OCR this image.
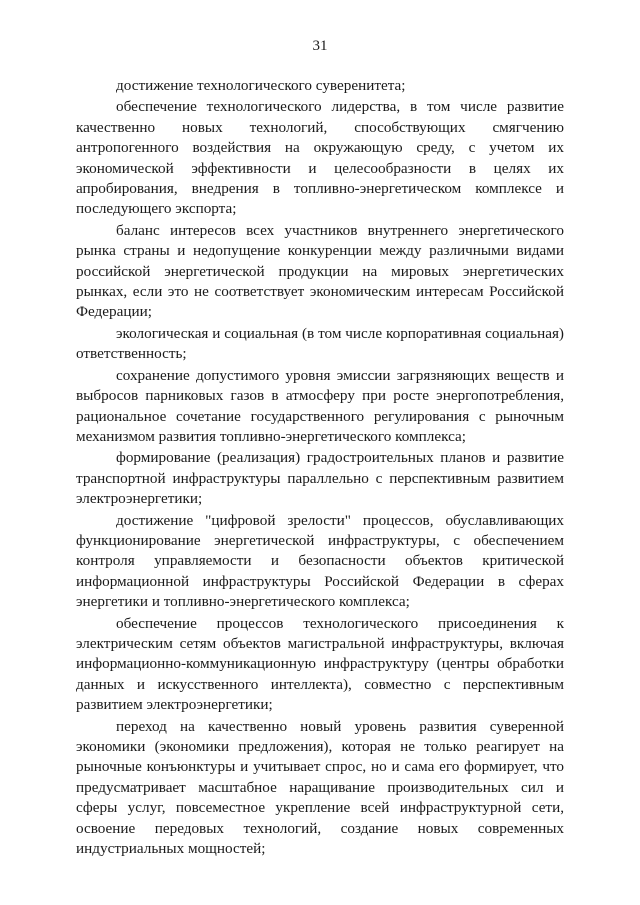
31

достижение технологического суверенитета;

обеспечение технологического лидерства, в том числе развитие качественно новых технологий, способствующих смягчению антропогенного воздействия на окружающую среду, с учетом их экономической эффективности и целесообразности в целях их апробирования, внедрения в топливно-энергетическом комплексе и последующего экспорта;

баланс интересов всех участников внутреннего энергетического рынка страны и недопущение конкуренции между различными видами российской энергетической продукции на мировых энергетических рынках, если это не соответствует экономическим интересам Российской Федерации;

экологическая и социальная (в том числе корпоративная социальная) ответственность;

сохранение допустимого уровня эмиссии загрязняющих веществ и выбросов парниковых газов в атмосферу при росте энергопотребления, рациональное сочетание государственного регулирования с рыночным механизмом развития топливно-энергетического комплекса;

формирование (реализация) градостроительных планов и развитие транспортной инфраструктуры параллельно с перспективным развитием электроэнергетики;

достижение "цифровой зрелости" процессов, обуславливающих функционирование энергетической инфраструктуры, с обеспечением контроля управляемости и безопасности объектов критической информационной инфраструктуры Российской Федерации в сферах энергетики и топливно-энергетического комплекса;

обеспечение процессов технологического присоединения к электрическим сетям объектов магистральной инфраструктуры, включая информационно-коммуникационную инфраструктуру (центры обработки данных и искусственного интеллекта), совместно с перспективным развитием электроэнергетики;

переход на качественно новый уровень развития суверенной экономики (экономики предложения), которая не только реагирует на рыночные конъюнктуры и учитывает спрос, но и сама его формирует, что предусматривает масштабное наращивание производительных сил и сферы услуг, повсеместное укрепление всей инфраструктурной сети, освоение передовых технологий, создание новых современных индустриальных мощностей;
